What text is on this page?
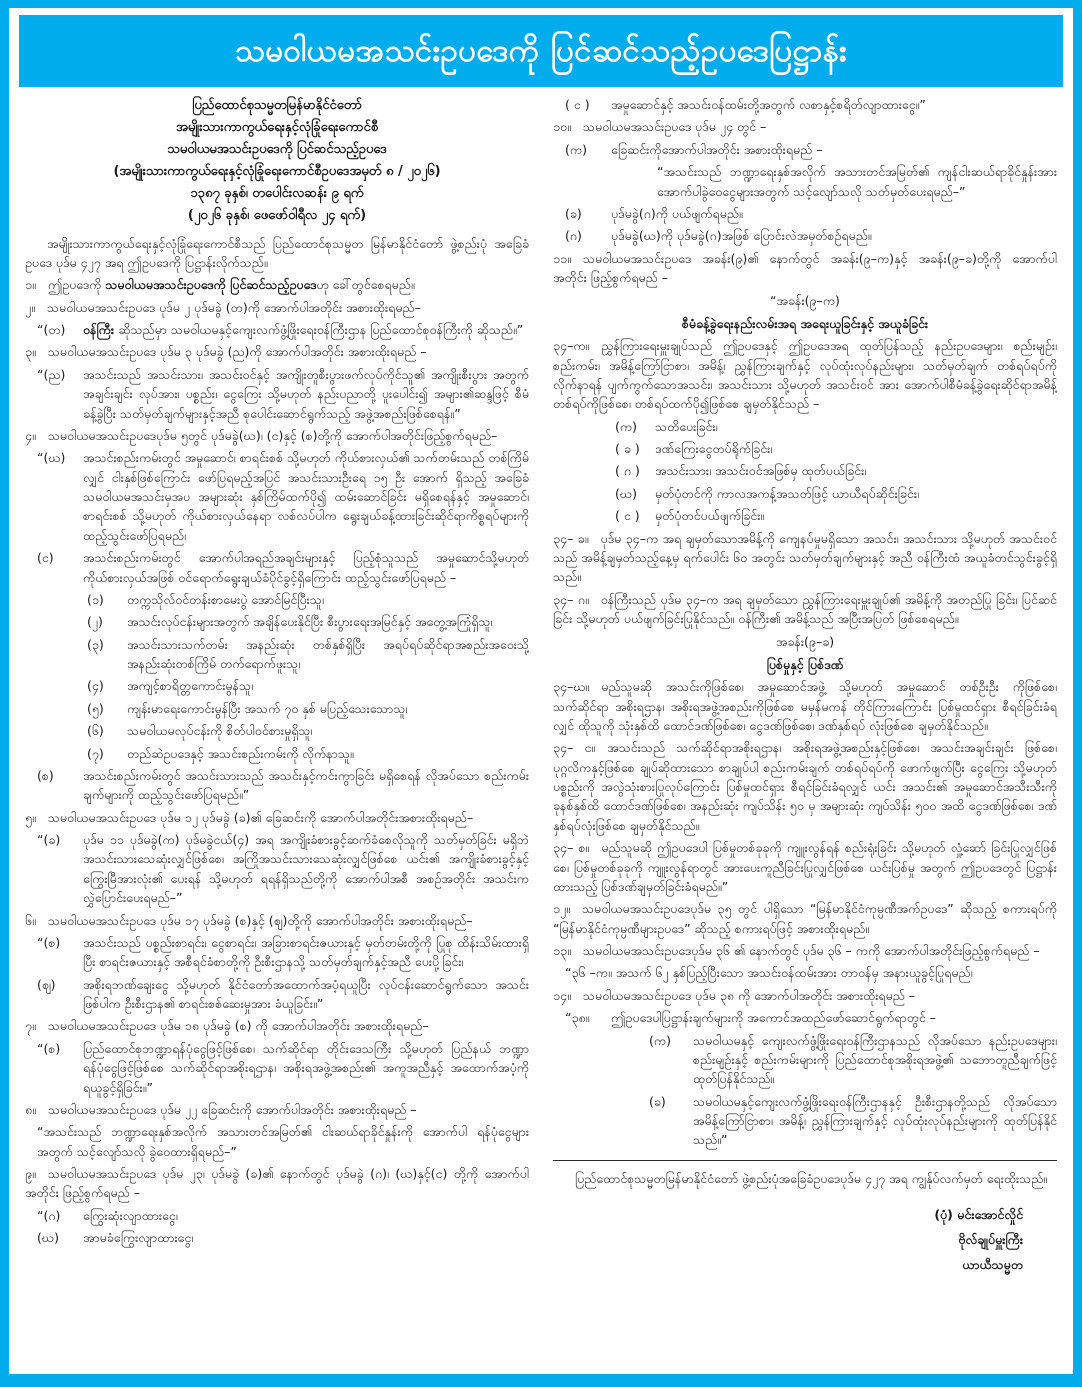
သမဝါယမအသင်းဥပဒေကို ပြင်ဆင်သည့်ဥပဒေပြဋ္ဌာန်း
ပြည်ထောင်စုသမ္မတမြန်မာနိုင်ငံတော်
အမျိုးသားကာကွယ်ရေးနှင့်လုံခြုံရေးကောင်စီ
သမဝါယမအသင်းဥပဒေကို ပြင်ဆင်သည့်ဥပဒေ
(အမျိုးသားကာကွယ်ရေးနှင့်လုံခြုံရေးကောင်စီဥပဒေအမှတ် ၈ / ၂၀၂၆)
၁၃၈၇ ခုနှစ်၊ တပေါင်းလဆန်း ၉ ရက်
(၂၀၂၆ ခုနှစ်၊ ဖေဖော်ဝါရီလ ၂၄ ရက်)
အမျိုးသားကာကွယ်ရေးနှင့်လုံခြုံရေးကောင်စီသည် ပြည်ထောင်စုသမ္မတ မြန်မာနိုင်ငံတော် ဖွဲ့စည်းပုံ အခြေခံဥပဒေ ပုဒ်မ ၄၂၇ အရ ဤဥပဒေကို ပြဋ္ဌာန်းလိုက်သည်။
၁။ ဤဥပဒေကို သမဝါယမအသင်းဥပဒေကို ပြင်ဆင်သည့်ဥပဒေဟု ခေါ်တွင်စေရမည်။
၂။ သမဝါယမအသင်းဥပဒေ ပုဒ်မ ၂ ပုဒ်မခွဲ (တ)ကို အောက်ပါအတိုင်း အစားထိုးရမည်–
“(တ)	ဝန်ကြီး ဆိုသည်မှာ သမဝါယမနှင့်ကျေးလက်ဖွံ့ဖြိုးရေးဝန်ကြီးဌာန ပြည်ထောင်စုဝန်ကြီးကို ဆိုသည်။”
၃။ သမဝါယမအသင်းဥပဒေ ပုဒ်မ ၃ ပုဒ်မခွဲ (ည)ကို အောက်ပါအတိုင်း အစားထိုးရမည် –
“(ည)	အသင်းသည် အသင်းသား၊ အသင်းဝင်နှင့် အကျိုးတူစီးပွားဖက်လုပ်ကိုင်သူ၏ အကျိုးစီးပွား အတွက် အချင်းချင်း လုပ်အား၊ ပစ္စည်း၊ ငွေကြေး သို့မဟုတ် နည်းပညာတို့ ပူးပေါင်း၍ အများ၏ဆန္ဒဖြင့် စီမံခန့်ခွဲပြီး သတ်မှတ်ချက်များနှင့်အညီ စုပေါင်းဆောင်ရွက်သည့် အဖွဲ့အစည်းဖြစ်စေရန်။”
၄။ သမဝါယမအသင်းဥပဒေပုဒ်မ ၅တွင် ပုဒ်မခွဲ(ဃ)၊ (င)နှင့် (စ)တို့ကို အောက်ပါအတိုင်းဖြည့်စွက်ရမည်–
“(ဃ)	အသင်းစည်းကမ်းတွင် အမှုဆောင်၊ စာရင်းစစ် သို့မဟုတ် ကိုယ်စားလှယ်၏ သက်တမ်းသည် တစ်ကြိမ်လျှင် ငါးနှစ်ဖြစ်ကြောင်း ဖော်ပြရမည့်အပြင် အသင်းသားဦးရေ ၁၅ ဦး အောက် ရှိသည့် အခြေခံသမဝါယမအသင်းမှအပ အများဆုံး နှစ်ကြိမ်ထက်ပို၍ ထမ်းဆောင်ခြင်း မရှိစေရန်နှင့် အမှုဆောင်၊ စာရင်းစစ် သို့မဟုတ် ကိုယ်စားလှယ်နေရာ လစ်လပ်ပါက ရွေးချယ်ခန့်ထားခြင်းဆိုင်ရာကိစ္စရပ်များကို ထည့်သွင်းဖော်ပြရမည်၊
(င)	အသင်းစည်းကမ်းတွင် အောက်ပါအရည်အချင်းများနှင့် ပြည့်စုံသူသည် အမှုဆောင်သို့မဟုတ် ကိုယ်စားလှယ်အဖြစ် ဝင်ရောက်ရွေးချယ်ခံပိုင်ခွင့်ရှိကြောင်း ထည့်သွင်းဖော်ပြရမည် –
(၁)	တက္ကသိုလ်ဝင်တန်းစာမေးပွဲ အောင်မြင်ပြီးသူ၊
(၂)	အသင်းလုပ်ငန်းများအတွက် အချိန်ပေးနိုင်ပြီး စီးပွားရေးအမြင်နှင့် အတွေ့အကြုံရှိသူ၊
(၃)	အသင်းသားသက်တမ်း အနည်းဆုံး တစ်နှစ်ရှိပြီး အရပ်ရပ်ဆိုင်ရာအစည်းအဝေးသို့ အနည်းဆုံးတစ်ကြိမ် တက်ရောက်ဖူးသူ၊
(၄)	အကျင့်စာရိတ္တကောင်းမွန်သူ၊
(၅)	ကျန်းမာရေးကောင်းမွန်ပြီး အသက် ၇၀ နှစ် မပြည့်သေးသောသူ၊
(၆)	သမဝါယမလုပ်ငန်းကို စိတ်ပါဝင်စားမှုရှိသူ၊
(၇)	တည်ဆဲဥပဒေနှင့် အသင်းစည်းကမ်းကို လိုက်နာသူ။
(စ)	အသင်းစည်းကမ်းတွင် အသင်းသားသည် အသင်းနှင့်ကင်းကွာခြင်း မရှိစေရန် လိုအပ်သော စည်းကမ်းချက်များကို ထည့်သွင်းဖော်ပြရမည်။”
၅။ သမဝါယမအသင်းဥပဒေ ပုဒ်မ ၁၂ ပုဒ်မခွဲ (ခ)၏ ခြေဆင်းကို အောက်ပါအတိုင်းအစားထိုးရမည်–
“(ခ)	ပုဒ်မ ၁၁ ပုဒ်မခွဲ(က) ပုဒ်မခွဲငယ်(၄) အရ အကျိုးခံစားခွင့်ဆက်ခံစေလိုသူကို သတ်မှတ်ခြင်း မရှိဘဲ အသင်းသားသေဆုံးလျှင်ဖြစ်စေ၊ အကြိုအသင်းသားသေဆုံးလျှင်ဖြစ်စေ ယင်း၏ အကျိုးခံစားခွင့်နှင့် ကြွေးမြီအားလုံး၏ ပေးရန် သို့မဟုတ် ရရန်ရှိသည်တို့ကို အောက်ပါအစီ အစဉ်အတိုင်း အသင်းက လွှဲပြောင်းပေးရမည်–”
၆။ သမဝါယမအသင်းဥပဒေ ပုဒ်မ ၁၇ ပုဒ်မခွဲ (စ)နှင့် (ဈ)တို့ကို အောက်ပါအတိုင်း အစားထိုးရမည်–
“(စ)	အသင်းသည် ပစ္စည်းစာရင်း၊ ငွေစာရင်း၊ အခြားစာရင်းဇယားနှင့် မှတ်တမ်းတို့ကို ပြုစု ထိန်းသိမ်းထားရှိပြီး စာရင်းဇယားနှင့် အစီရင်ခံစာတို့ကို ဦးစီးဌာနသို့ သတ်မှတ်ချက်နှင့်အညီ ပေးပို့ခြင်း၊
(ဈ)	အစိုးရဘဏ်ချေးငွေ သို့မဟုတ် နိုင်ငံတော်အထောက်အပံ့ရယူပြီး လုပ်ငန်းဆောင်ရွက်သော အသင်းဖြစ်ပါက ဦးစီးဌာန၏ စာရင်းစစ်ဆေးမှုအား ခံယူခြင်း။”
၇။ သမဝါယမအသင်းဥပဒေ ပုဒ်မ ၁၈ ပုဒ်မခွဲ (စ) ကို အောက်ပါအတိုင်း အစားထိုးရမည်–
“(စ)	ပြည်ထောင်စုဘဏ္ဍာရန်ပုံငွေဖြင့်ဖြစ်စေ၊ သက်ဆိုင်ရာ တိုင်းဒေသကြီး သို့မဟုတ် ပြည်နယ် ဘဏ္ဍာရန်ပုံငွေဖြင့်ဖြစ်စေ သက်ဆိုင်ရာအစိုးရဌာန၊ အစိုးရအဖွဲ့အစည်း၏ အကူအညီနှင့် အထောက်အပံ့ကို ရယူခွင့်ရှိခြင်း။”
၈။ သမဝါယမအသင်းဥပဒေ ပုဒ်မ ၂၂ ခြေဆင်းကို အောက်ပါအတိုင်း အစားထိုးရမည် –
“အသင်းသည် ဘဏ္ဍာရေးနှစ်အလိုက် အသားတင်အမြတ်၏ ငါးဆယ်ရာခိုင်နှုန်းကို အောက်ပါ ရန်ပုံငွေများအတွက် သင့်လျော်သလို ခွဲဝေထားရှိရမည်–”
၉။ သမဝါယမအသင်းဥပဒေ ပုဒ်မ ၂၃၊ ပုဒ်မခွဲ (ခ)၏ နောက်တွင် ပုဒ်မခွဲ (ဂ)၊ (ဃ)နှင့်(င) တို့ကို အောက်ပါ အတိုင်း ဖြည့်စွက်ရမည် –
“(ဂ)	ကြွေးဆုံးလျာထားငွေ၊
(ဃ)	အာမခံကြွေးလျာထားငွေ၊
( င )	အမှုဆောင်နှင့် အသင်းဝန်ထမ်းတို့အတွက် လစာနှင့်စရိတ်လျာထားငွေ။”
၁၀။ သမဝါယမအသင်းဥပဒေ ပုဒ်မ ၂၄ တွင် –
(က)	ခြေဆင်းကိုအောက်ပါအတိုင်း အစားထိုးရမည် –
“အသင်းသည် ဘဏ္ဍာရေးနှစ်အလိုက် အသားတင်အမြတ်၏ ကျန်ငါးဆယ်ရာခိုင်နှုန်းအား အောက်ပါခွဲဝေငွေများအတွက် သင့်လျော်သလို သတ်မှတ်ပေးရမည်–”
(ခ)	ပုဒ်မခွဲ(ဂ)ကို ပယ်ဖျက်ရမည်။
(ဂ)	ပုဒ်မခွဲ(ဃ)ကို ပုဒ်မခွဲ(ဂ)အဖြစ် ပြောင်းလဲအမှတ်စဉ်ရမည်။
၁၁။ သမဝါယမအသင်းဥပဒေ အခန်း(၉)၏ နောက်တွင် အခန်း(၉–က)နှင့် အခန်း(၉–ခ)တို့ကို အောက်ပါ အတိုင်း ဖြည့်စွက်ရမည် –
“အခန်း(၉–က)
စီမံခန့်ခွဲရေးနည်းလမ်းအရ အရေးယူခြင်းနှင့် အယူခံခြင်း
၃၄–က။ ညွှန်ကြားရေးမှူးချုပ်သည် ဤဥပဒေနှင့် ဤဥပဒေအရ ထုတ်ပြန်သည့် နည်းဥပဒေများ၊ စည်းမျဉ်း၊ စည်းကမ်း၊ အမိန့်ကြော်ငြာစာ၊ အမိန့်၊ ညွှန်ကြားချက်နှင့် လုပ်ထုံးလုပ်နည်းများ၊ သတ်မှတ်ချက် တစ်ရပ်ရပ်ကို လိုက်နာရန် ပျက်ကွက်သောအသင်း၊ အသင်းသား သို့မဟုတ် အသင်းဝင် အား အောက်ပါစီမံခန့်ခွဲရေးဆိုင်ရာအမိန့် တစ်ရပ်ကိုဖြစ်စေ၊ တစ်ရပ်ထက်ပို၍ဖြစ်စေ ချမှတ်နိုင်သည် –
(က)	သတိပေးခြင်း၊
( ခ )	ဒဏ်ကြေးငွေတပ်ရိုက်ခြင်း၊
( ဂ )	အသင်းသား၊ အသင်းဝင်အဖြစ်မှ ထုတ်ပယ်ခြင်း၊
(ဃ)	မှတ်ပုံတင်ကို ကာလအကန့်အသတ်ဖြင့် ယာယီရပ်ဆိုင်းခြင်း၊
( င )	မှတ်ပုံတင်ပယ်ဖျက်ခြင်း။
၃၄– ခ။ ပုဒ်မ ၃၄–က အရ ချမှတ်သောအမိန့်ကို ကျေနပ်မှုမရှိသော အသင်း၊ အသင်းသား သို့မဟုတ် အသင်းဝင်သည် အမိန့်ချမှတ်သည့်နေ့မှ ရက်ပေါင်း ၆၀ အတွင်း သတ်မှတ်ချက်များနှင့် အညီ ဝန်ကြီးထံ အယူခံတင်သွင်းခွင့်ရှိသည်။
၃၄– ဂ။ ဝန်ကြီးသည် ပုဒ်မ ၃၄–က အရ ချမှတ်သော ညွှန်ကြားရေးမှူးချုပ်၏ အမိန့်ကို အတည်ပြု ခြင်း၊ ပြင်ဆင်ခြင်း သို့မဟုတ် ပယ်ဖျက်ခြင်းပြုနိုင်သည်။ ဝန်ကြီး၏ အမိန့်သည် အပြီးအပြတ် ဖြစ်စေရမည်။
အခန်း(၉–ခ)
ပြစ်မှုနှင့် ပြစ်ဒဏ်
၃၄–ဃ။ မည်သူမဆို အသင်းကိုဖြစ်စေ၊ အမှုဆောင်အဖွဲ့ သို့မဟုတ် အမှုဆောင် တစ်ဦးဦး ကိုဖြစ်စေ၊ သက်ဆိုင်ရာ အစိုးရဌာန၊ အစိုးရအဖွဲ့အစည်းကိုဖြစ်စေ မမှန်မကန် တိုင်ကြားကြောင်း ပြစ်မှုထင်ရှား စီရင်ခြင်းခံရလျှင် ထိုသူကို သုံးနှစ်ထိ ထောင်ဒဏ်ဖြစ်စေ၊ ငွေဒဏ်ဖြစ်စေ၊ ဒဏ်နှစ်ရပ် လုံးဖြစ်စေ ချမှတ်နိုင်သည်။
၃၄– င။ အသင်းသည် သက်ဆိုင်ရာအစိုးရဌာန၊ အစိုးရအဖွဲ့အစည်းနှင့်ဖြစ်စေ၊ အသင်းအချင်းချင်း ဖြစ်စေ၊ ပုဂ္ဂလိကနှင့်ဖြစ်စေ ချုပ်ဆိုထားသော စာချုပ်ပါ စည်းကမ်းချက် တစ်ရပ်ရပ်ကို ဖောက်ဖျက်ပြီး ငွေကြေး သို့မဟုတ် ပစ္စည်းကို အလွဲသုံးစားပြုလုပ်ကြောင်း ပြစ်မှုထင်ရှား စီရင်ခြင်းခံရလျှင် ယင်း အသင်း၏ အမှုဆောင်အသီးသီးကို ခုနစ်နှစ်ထိ ထောင်ဒဏ်ဖြစ်စေ၊ အနည်းဆုံး ကျပ်သိန်း ၅၀ မှ အများဆုံး ကျပ်သိန်း ၅၀၀ အထိ ငွေဒဏ်ဖြစ်စေ၊ ဒဏ်နှစ်ရပ်လုံးဖြစ်စေ ချမှတ်နိုင်သည်။
၃၄– စ။ မည်သူမဆို ဤဥပဒေပါ ပြစ်မှုတစ်ခုခုကို ကျူးလွန်ရန် စည်းရုံးခြင်း သို့မဟုတ် လှုံ့ဆော် ခြင်းပြုလျှင်ဖြစ်စေ၊ ပြစ်မှုတစ်ခုခုကို ကျူးလွန်ရာတွင် အားပေးကူညီခြင်းပြုလျှင်ဖြစ်စေ ယင်းပြစ်မှု အတွက် ဤဥပဒေတွင် ပြဋ္ဌာန်းထားသည့် ပြစ်ဒဏ်ချမှတ်ခြင်းခံရမည်။”
၁၂။ သမဝါယမအသင်းဥပဒေပုဒ်မ ၃၅ တွင် ပါရှိသော “မြန်မာနိုင်ငံကုမ္ပဏီအက်ဥပဒေ” ဆိုသည့် စကားရပ်ကို “မြန်မာနိုင်ငံကုမ္ပဏီများဥပဒေ” ဆိုသည့် စကားရပ်ဖြင့် အစားထိုးရမည်။
၁၃။ သမဝါယမအသင်းဥပဒေပုဒ်မ ၃၆ ၏ နောက်တွင် ပုဒ်မ ၃၆ – ကကို အောက်ပါအတိုင်းဖြည့်စွက်ရမည် –
“၃၆ –က။ အသက် ၆၂ နှစ်ပြည့်ပြီးသော အသင်းဝန်ထမ်းအား တာဝန်မှ အနားယူခွင့်ပြုရမည်၊
၁၄။ သမဝါယမအသင်းဥပဒေ ပုဒ်မ ၃၈ ကို အောက်ပါအတိုင်း အစားထိုးရမည် –
“၃၈။	ဤဥပဒေပါပြဋ္ဌာန်းချက်များကို အကောင်အထည်ဖော်ဆောင်ရွက်ရာတွင် –
(က)	သမဝါယမနှင့် ကျေးလက်ဖွံ့ဖြိုးရေးဝန်ကြီးဌာနသည် လိုအပ်သော နည်းဥပဒေများ၊ စည်းမျဉ်းနှင့် စည်းကမ်းများကို ပြည်ထောင်စုအစိုးရအဖွဲ့၏ သဘောတူညီချက်ဖြင့် ထုတ်ပြန်နိုင်သည်။
(ခ)	သမဝါယမနှင့်ကျေးလက်ဖွံ့ဖြိုးရေးဝန်ကြီးဌာနနှင့် ဦးစီးဌာနတို့သည် လိုအပ်သော အမိန့်ကြော်ငြာစာ၊ အမိန့်၊ ညွှန်ကြားချက်နှင့် လုပ်ထုံးလုပ်နည်းများကို ထုတ်ပြန်နိုင် သည်။”
ပြည်ထောင်စုသမ္မတမြန်မာနိုင်ငံတော် ဖွဲ့စည်းပုံအခြေခံဥပဒေပုဒ်မ ၄၂၇ အရ ကျွန်ုပ်လက်မှတ် ရေးထိုးသည်။
(ပုံ) မင်းအောင်လှိုင်
ဗိုလ်ချုပ်မှူးကြီး
ယာယီသမ္မတ
